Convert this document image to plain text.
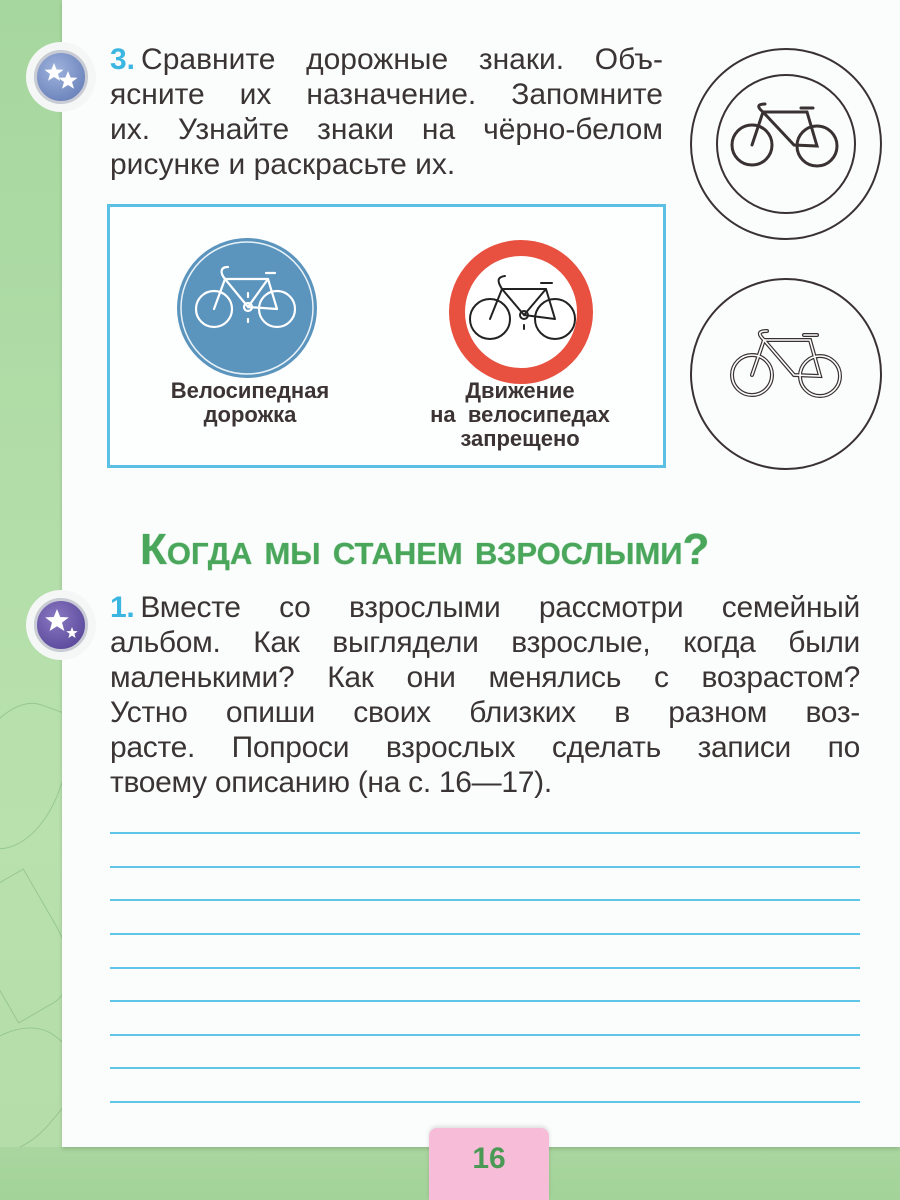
3. Сравните дорожные знаки. Объ-
ясните их назначение. Запомните
их. Узнайте знаки на чёрно-белом
рисунке и раскрасьте их.
Велосипедная
дорожка
Движение
на  велосипедах
запрещено
Когда мы станем взрослыми?
1. Вместе со взрослыми рассмотри семейный
альбом. Как выглядели взрослые, когда были
маленькими? Как они менялись с возрастом?
Устно опиши своих близких в разном воз-
расте. Попроси взрослых сделать записи по
твоему описанию (на с. 16—17).
16
